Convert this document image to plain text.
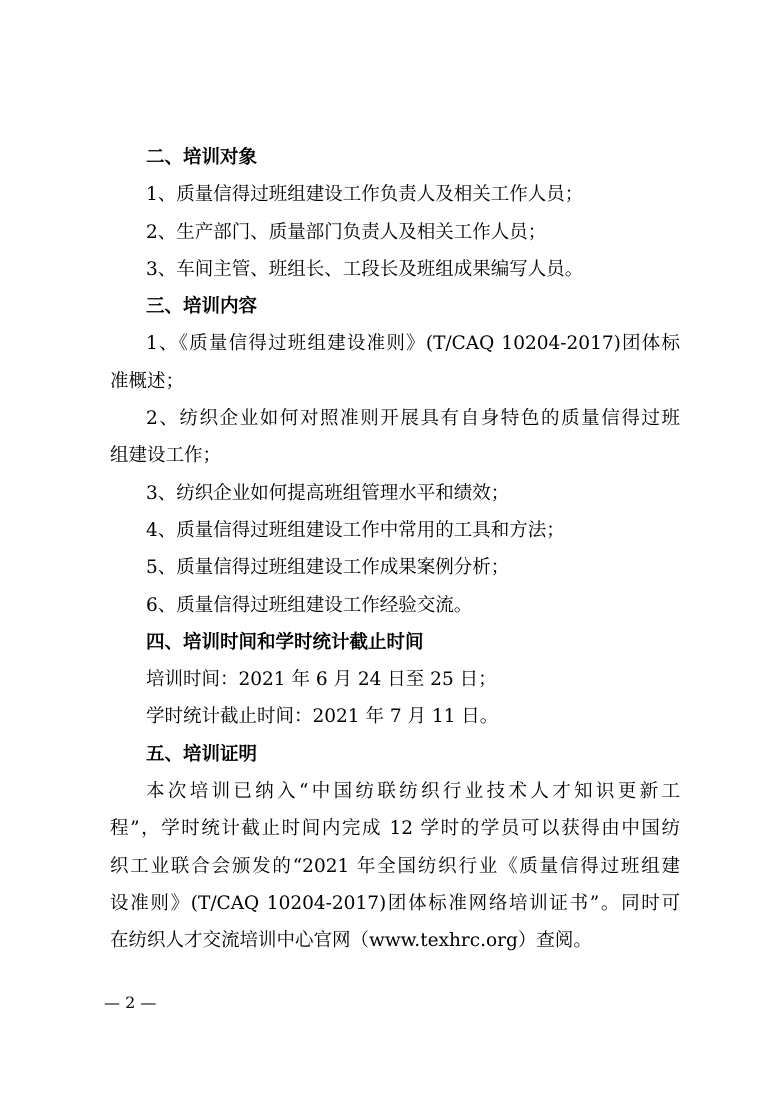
二、培训对象
1、质量信得过班组建设工作负责人及相关工作人员；
2、生产部门、质量部门负责人及相关工作人员；
3、车间主管、班组长、工段长及班组成果编写人员。
三、培训内容
1、《质量信得过班组建设准则》(T/CAQ 10204-2017)团体标
准概述；
2、纺织企业如何对照准则开展具有自身特色的质量信得过班
组建设工作；
3、纺织企业如何提高班组管理水平和绩效；
4、质量信得过班组建设工作中常用的工具和方法；
5、质量信得过班组建设工作成果案例分析；
6、质量信得过班组建设工作经验交流。
四、培训时间和学时统计截止时间
培训时间：2021 年 6 月 24 日至 25 日；
学时统计截止时间：2021 年 7 月 11 日。
五、培训证明
本次培训已纳入“中国纺联纺织行业技术人才知识更新工
程”，学时统计截止时间内完成 12 学时的学员可以获得由中国纺
织工业联合会颁发的“2021 年全国纺织行业《质量信得过班组建
设准则》(T/CAQ 10204-2017)团体标准网络培训证书”。同时可
在纺织人才交流培训中心官网（www.texhrc.org）查阅。
— 2 —
